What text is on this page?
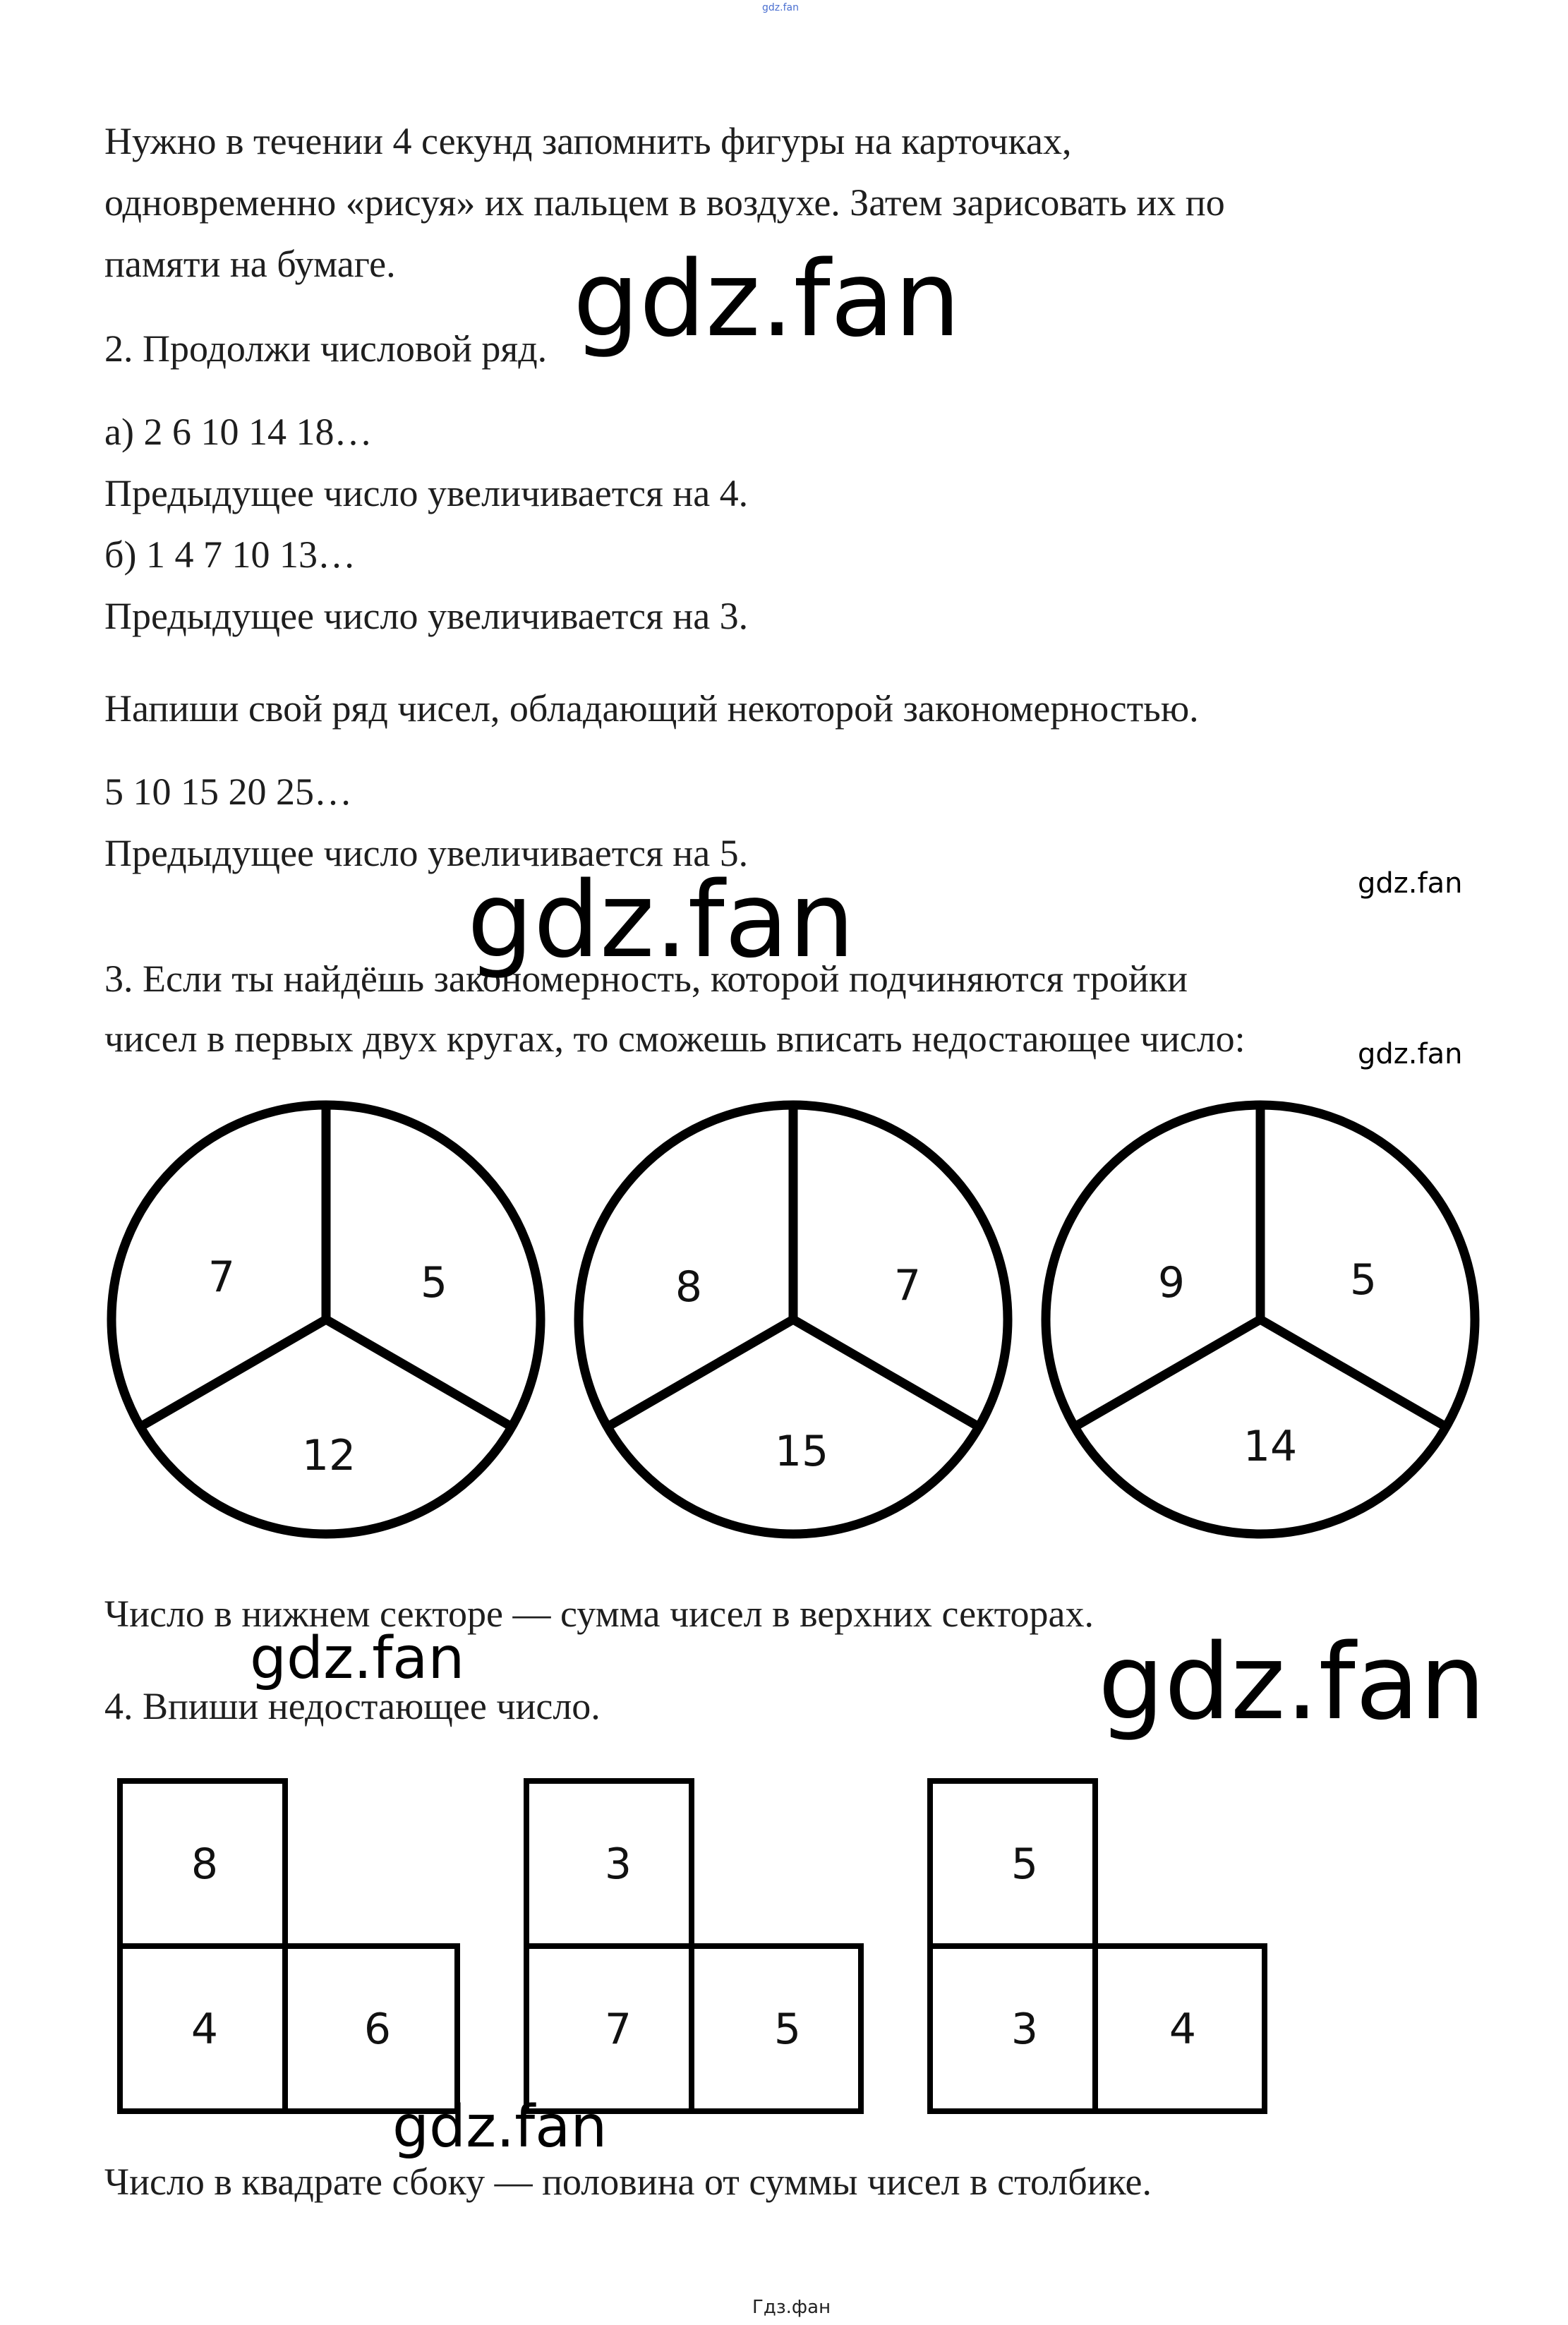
gdz.fan

Нужно в течении 4 секунд запомнить фигуры на карточках,

одновременно «рисуя» их пальцем в воздухе. Затем зарисовать их по

памяти на бумаге.

2. Продолжи числовой ряд.

а) 2 6 10 14 18…

Предыдущее число увеличивается на 4.

б) 1 4 7 10 13…

Предыдущее число увеличивается на 3.

Напиши свой ряд чисел, обладающий некоторой закономерностью.

5 10 15 20 25…

Предыдущее число увеличивается на 5.

3. Если ты найдёшь закономерность, которой подчиняются тройки

чисел в первых двух кругах, то сможешь вписать недостающее число:

7	5
12
8	7
15
9	5
14
8
4	6
3
7	5
5
3	4

Число в нижнем секторе — сумма чисел в верхних секторах.

4. Впиши недостающее число.

Число в квадрате сбоку — половина от суммы чисел в столбике.

gdz.fan

gdz.fan

gdz.fan

gdz.fan

gdz.fan

gdz.fan

gdz.fan

Гдз.фан
